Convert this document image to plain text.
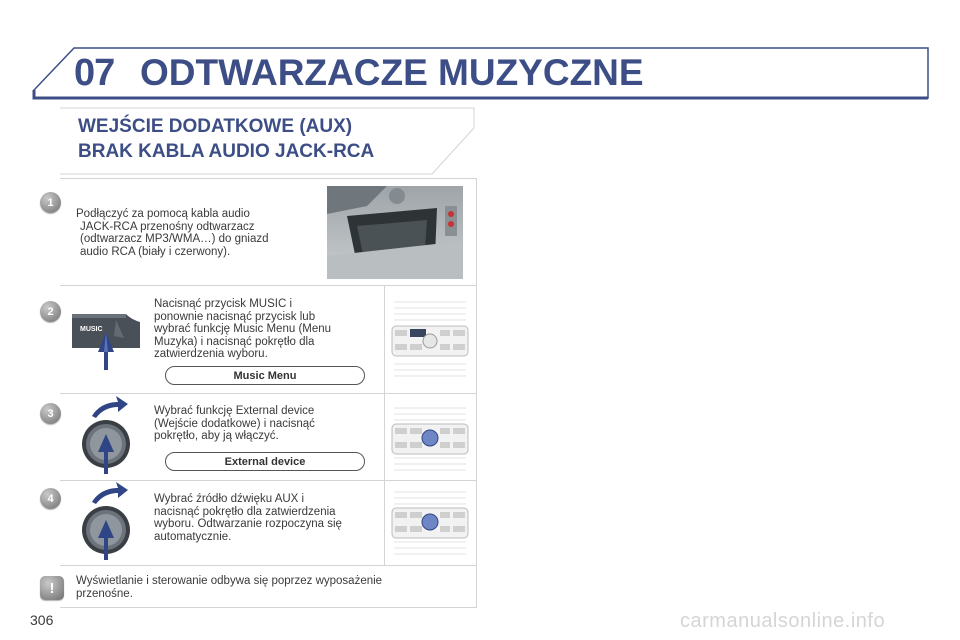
07 ODTWARZACZE MUZYCZNE
WEJŚCIE DODATKOWE (AUX)
BRAK KABLA AUDIO JACK-RCA
1
Podłączyć za pomocą kabla audio
JACK-RCA przenośny odtwarzacz
(odtwarzacz MP3/WMA…) do gniazd
audio RCA (biały i czerwony).
2
MUSIC
Nacisnąć przycisk MUSIC i
ponownie nacisnąć przycisk lub
wybrać funkcję Music Menu (Menu
Muzyka) i nacisnąć pokrętło dla
zatwierdzenia wyboru.
Music Menu
3	Wybrać funkcję External device
(Wejście dodatkowe) i nacisnąć
pokrętło, aby ją włączyć.
External device
4	Wybrać źródło dźwięku AUX i
nacisnąć pokrętło dla zatwierdzenia
wyboru. Odtwarzanie rozpoczyna się
automatycznie.
!	Wyświetlanie i sterowanie odbywa się poprzez wyposażenie
przenośne.
306	carmanualsonline.info
